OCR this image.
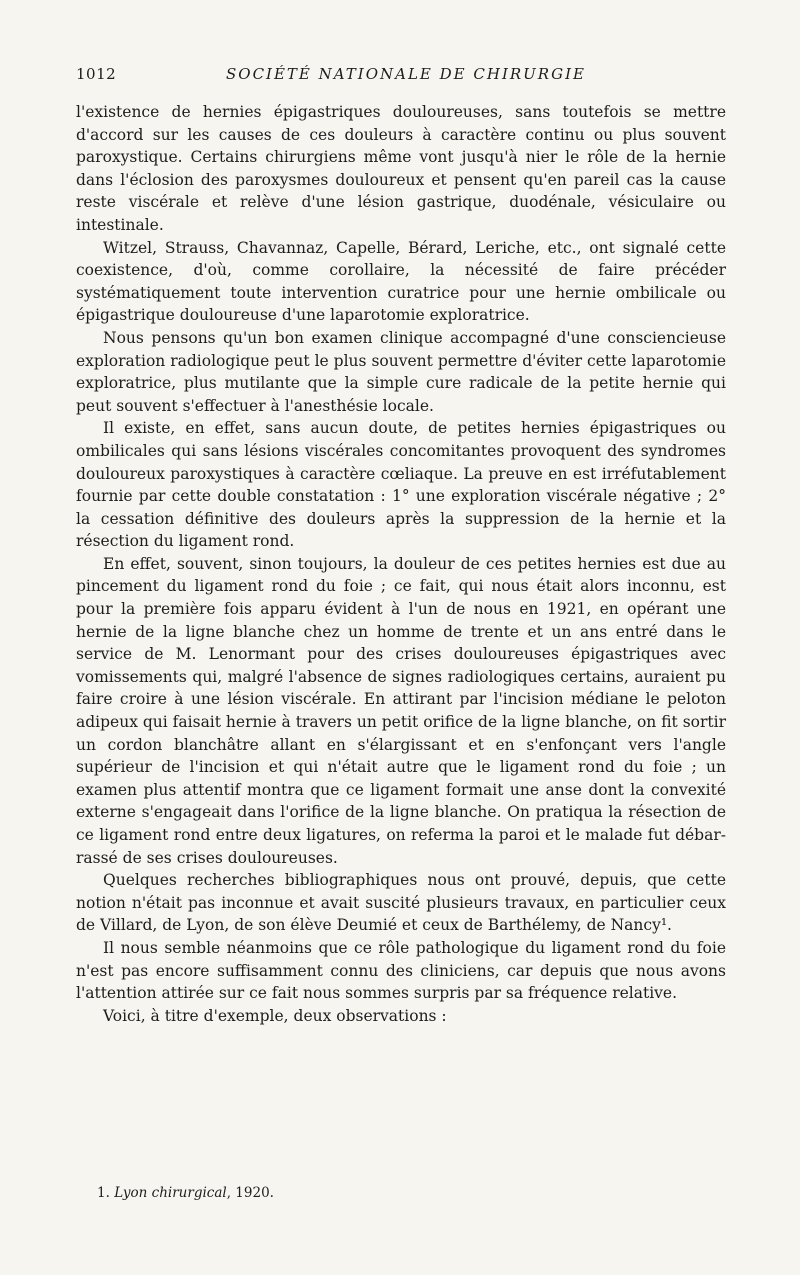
1012	SOCIÉTÉ NATIONALE DE CHIRURGIE

l'existence de hernies épigastriques douloureuses, sans toutefois se mettre d'accord sur les causes de ces douleurs à caractère continu ou plus souvent paroxystique. Certains chirurgiens même vont jusqu'à nier le rôle de la hernie dans l'éclosion des paroxysmes douloureux et pensent qu'en pareil cas la cause reste viscérale et relève d'une lésion gastrique, duodénale, vésiculaire ou intestinale.

Witzel, Strauss, Chavannaz, Capelle, Bérard, Leriche, etc., ont signalé cette coexistence, d'où, comme corollaire, la nécessité de faire précéder systématiquement toute intervention curatrice pour une hernie ombilicale ou épigastrique douloureuse d'une laparotomie exploratrice.

Nous pensons qu'un bon examen clinique accompagné d'une consciencieuse exploration radiologique peut le plus souvent permettre d'éviter cette laparotomie exploratrice, plus mutilante que la simple cure radicale de la petite hernie qui peut souvent s'effectuer à l'anesthésie locale.

Il existe, en effet, sans aucun doute, de petites hernies épigastriques ou ombilicales qui sans lésions viscérales concomitantes provoquent des syndromes douloureux paroxystiques à caractère cœliaque. La preuve en est irréfutablement fournie par cette double constatation : 1° une exploration viscérale négative ; 2° la cessation définitive des douleurs après la suppression de la hernie et la résection du ligament rond.

En effet, souvent, sinon toujours, la douleur de ces petites hernies est due au pincement du ligament rond du foie ; ce fait, qui nous était alors inconnu, est pour la première fois apparu évident à l'un de nous en 1921, en opérant une hernie de la ligne blanche chez un homme de trente et un ans entré dans le service de M. Lenormant pour des crises douloureuses épigastriques avec vomissements qui, malgré l'absence de signes radiologiques certains, auraient pu faire croire à une lésion viscérale. En attirant par l'incision médiane le peloton adipeux qui faisait hernie à travers un petit orifice de la ligne blanche, on fit sortir un cordon blanchâtre allant en s'élargissant et en s'enfonçant vers l'angle supérieur de l'incision et qui n'était autre que le ligament rond du foie ; un examen plus attentif montra que ce ligament formait une anse dont la convexité externe s'engageait dans l'orifice de la ligne blanche. On pratiqua la résection de ce ligament rond entre deux ligatures, on referma la paroi et le malade fut débarrassé de ses crises douloureuses.

Quelques recherches bibliographiques nous ont prouvé, depuis, que cette notion n'était pas inconnue et avait suscité plusieurs travaux, en particulier ceux de Villard, de Lyon, de son élève Deumié et ceux de Barthélemy, de Nancy¹.

Il nous semble néanmoins que ce rôle pathologique du ligament rond du foie n'est pas encore suffisamment connu des cliniciens, car depuis que nous avons l'attention attirée sur ce fait nous sommes surpris par sa fréquence relative.

Voici, à titre d'exemple, deux observations :

1. Lyon chirurgical, 1920.
